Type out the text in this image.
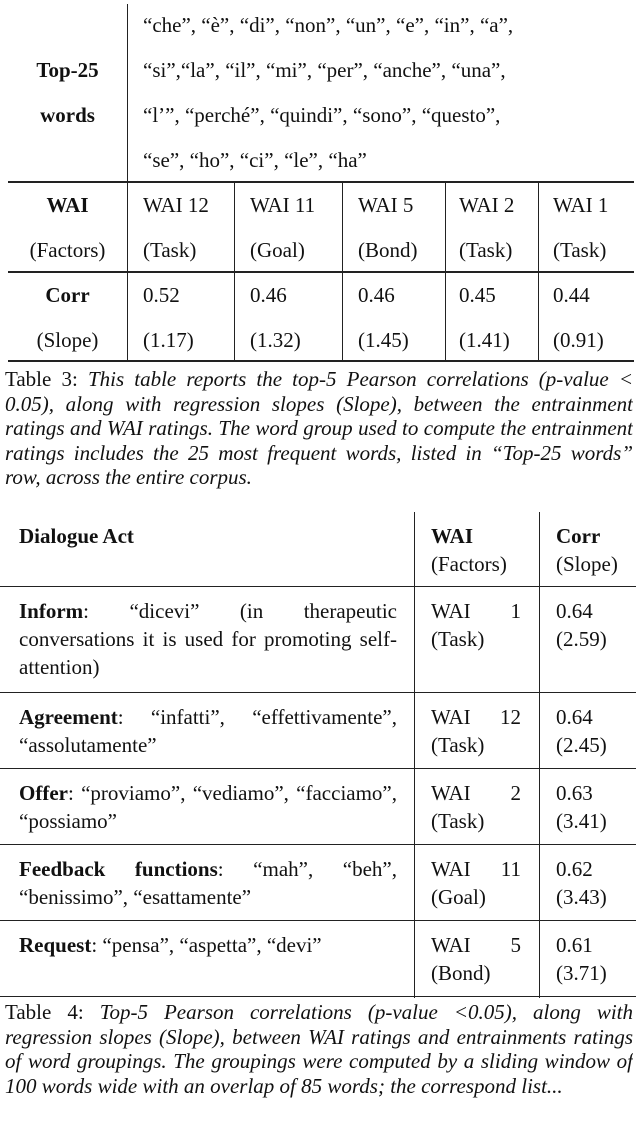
Top-25
words
“che”, “è”, “di”, “non”, “un”, “e”, “in”, “a”,
“si”,“la”, “il”, “mi”, “per”, “anche”, “una”,
“l’”, “perché”, “quindi”, “sono”, “questo”,
“se”, “ho”, “ci”, “le”, “ha”
WAI
(Factors)
WAI 12
(Task)
WAI 11
(Goal)
WAI 5
(Bond)
WAI 2
(Task)
WAI 1
(Task)
Corr
(Slope)
0.52
(1.17)
0.46
(1.32)
0.46
(1.45)
0.45
(1.41)
0.44
(0.91)
Table 3: This table reports the top-5 Pearson correlations (p-value < 0.05), along with regression slopes (Slope), between the entrainment ratings and WAI ratings. The word group used to compute the entrainment ratings includes the 25 most frequent words, listed in “Top-25 words” row, across the entire corpus.
Dialogue Act	WAI
(Factors)
Corr
(Slope)
Inform: “dicevi” (in therapeutic conversations it is used for promoting self-attention)
WAI 1
(Task)
0.64
(2.59)
Agreement: “infatti”, “effettivamente”, “assolutamente”
WAI 12
(Task)
0.64
(2.45)
Offer: “proviamo”, “vediamo”, “facciamo”, “possiamo”
WAI 2
(Task)
0.63
(3.41)
Feedback functions: “mah”, “beh”, “benissimo”, “esattamente”
WAI 11
(Goal)
0.62
(3.43)
Request: “pensa”, “aspetta”, “devi”	WAI 5
(Bond)
0.61
(3.71)
Table 4: Top-5 Pearson correlations (p-value <0.05), along with regression slopes (Slope), between WAI ratings and entrainments ratings of word groupings. The groupings were computed by a sliding window of 100 words wide with an overlap of 85 words; the correspond list...
